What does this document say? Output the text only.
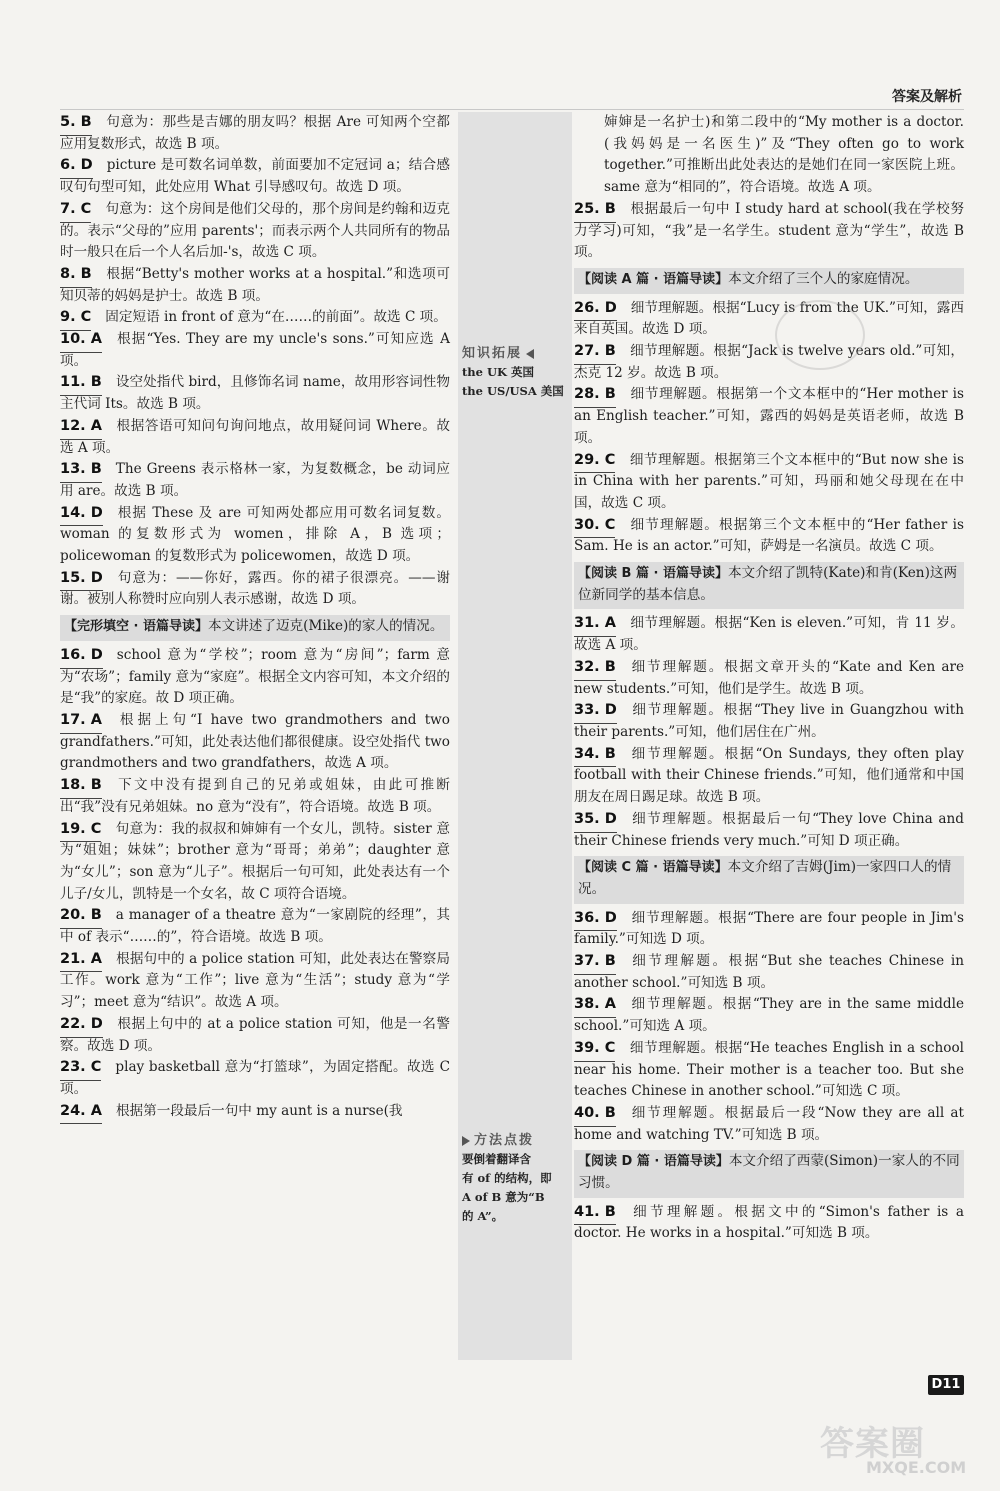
答案及解析
知识拓展
the UK 英国
the US/USA 美国
方法点拨
要倒着翻译含
有 of 的结构，即
A of B 意为“B
的 A”。
5. B 句意为：那些是吉娜的朋友吗？根据 Are 可知两个空都应用复数形式，故选 B 项。
6. D picture 是可数名词单数，前面要加不定冠词 a；结合感叹句句型可知，此处应用 What 引导感叹句。故选 D 项。
7. C 句意为：这个房间是他们父母的，那个房间是约翰和迈克的。表示“父母的”应用 parents'；而表示两个人共同所有的物品时一般只在后一个人名后加-'s，故选 C 项。
8. B 根据“Betty's mother works at a hospital.”和选项可知贝蒂的妈妈是护士。故选 B 项。
9. C 固定短语 in front of 意为“在……的前面”。故选 C 项。
10. A 根据“Yes. They are my uncle's sons.”可知应选 A 项。
11. B 设空处指代 bird，且修饰名词 name，故用形容词性物主代词 Its。故选 B 项。
12. A 根据答语可知问句询问地点，故用疑问词 Where。故选 A 项。
13. B The Greens 表示格林一家，为复数概念，be 动词应用 are。故选 B 项。
14. D 根据 These 及 are 可知两处都应用可数名词复数。woman 的复数形式为 women，排除 A，B 选项；policewoman 的复数形式为 policewomen，故选 D 项。
15. D 句意为：——你好，露西。你的裙子很漂亮。——谢谢。被别人称赞时应向别人表示感谢，故选 D 项。
【完形填空 · 语篇导读】本文讲述了迈克(Mike)的家人的情况。
16. D school 意为“学校”；room 意为“房间”；farm 意为“农场”；family 意为“家庭”。根据全文内容可知，本文介绍的是“我”的家庭。故 D 项正确。
17. A 根据上句“I have two grandmothers and two grandfathers.”可知，此处表达他们都很健康。设空处指代 two grandmothers and two grandfathers，故选 A 项。
18. B 下文中没有提到自己的兄弟或姐妹，由此可推断出“我”没有兄弟姐妹。no 意为“没有”，符合语境。故选 B 项。
19. C 句意为：我的叔叔和婶婶有一个女儿，凯特。sister 意为“姐姐；妹妹”；brother 意为“哥哥；弟弟”；daughter 意为“女儿”；son 意为“儿子”。根据后一句可知，此处表达有一个儿子/女儿，凯特是一个女名，故 C 项符合语境。
20. B a manager of a theatre 意为“一家剧院的经理”，其中 of 表示“……的”，符合语境。故选 B 项。
21. A 根据句中的 a police station 可知，此处表达在警察局工作。work 意为“工作”；live 意为“生活”；study 意为“学习”；meet 意为“结识”。故选 A 项。
22. D 根据上句中的 at a police station 可知，他是一名警察。故选 D 项。
23. C play basketball 意为“打篮球”，为固定搭配。故选 C 项。
24. A 根据第一段最后一句中 my aunt is a nurse(我
婶婶是一名护士)和第二段中的“My mother is a doctor.(我妈妈是一名医生)”及“They often go to work together.”可推断出此处表达的是她们在同一家医院上班。same 意为“相同的”，符合语境。故选 A 项。
25. B 根据最后一句中 I study hard at school(我在学校努力学习)可知，“我”是一名学生。student 意为“学生”，故选 B 项。
【阅读 A 篇 · 语篇导读】本文介绍了三个人的家庭情况。
26. D 细节理解题。根据“Lucy is from the UK.”可知，露西来自英国。故选 D 项。
27. B 细节理解题。根据“Jack is twelve years old.”可知，杰克 12 岁。故选 B 项。
28. B 细节理解题。根据第一个文本框中的“Her mother is an English teacher.”可知，露西的妈妈是英语老师，故选 B 项。
29. C 细节理解题。根据第三个文本框中的“But now she is in China with her parents.”可知，玛丽和她父母现在在中国，故选 C 项。
30. C 细节理解题。根据第三个文本框中的“Her father is Sam. He is an actor.”可知，萨姆是一名演员。故选 C 项。
【阅读 B 篇 · 语篇导读】本文介绍了凯特(Kate)和肯(Ken)这两位新同学的基本信息。
31. A 细节理解题。根据“Ken is eleven.”可知，肯 11 岁。故选 A 项。
32. B 细节理解题。根据文章开头的“Kate and Ken are new students.”可知，他们是学生。故选 B 项。
33. D 细节理解题。根据“They live in Guangzhou with their parents.”可知，他们居住在广州。
34. B 细节理解题。根据“On Sundays, they often play football with their Chinese friends.”可知，他们通常和中国朋友在周日踢足球。故选 B 项。
35. D 细节理解题。根据最后一句“They love China and their Chinese friends very much.”可知 D 项正确。
【阅读 C 篇 · 语篇导读】本文介绍了吉姆(Jim)一家四口人的情况。
36. D 细节理解题。根据“There are four people in Jim's family.”可知选 D 项。
37. B 细节理解题。根据“But she teaches Chinese in another school.”可知选 B 项。
38. A 细节理解题。根据“They are in the same middle school.”可知选 A 项。
39. C 细节理解题。根据“He teaches English in a school near his home. Their mother is a teacher too. But she teaches Chinese in another school.”可知选 C 项。
40. B 细节理解题。根据最后一段“Now they are all at home and watching TV.”可知选 B 项。
【阅读 D 篇 · 语篇导读】本文介绍了西蒙(Simon)一家人的不同习惯。
41. B 细节理解题。根据文中的“Simon's father is a doctor. He works in a hospital.”可知选 B 项。
D11
答案圈
MXQE.COM
